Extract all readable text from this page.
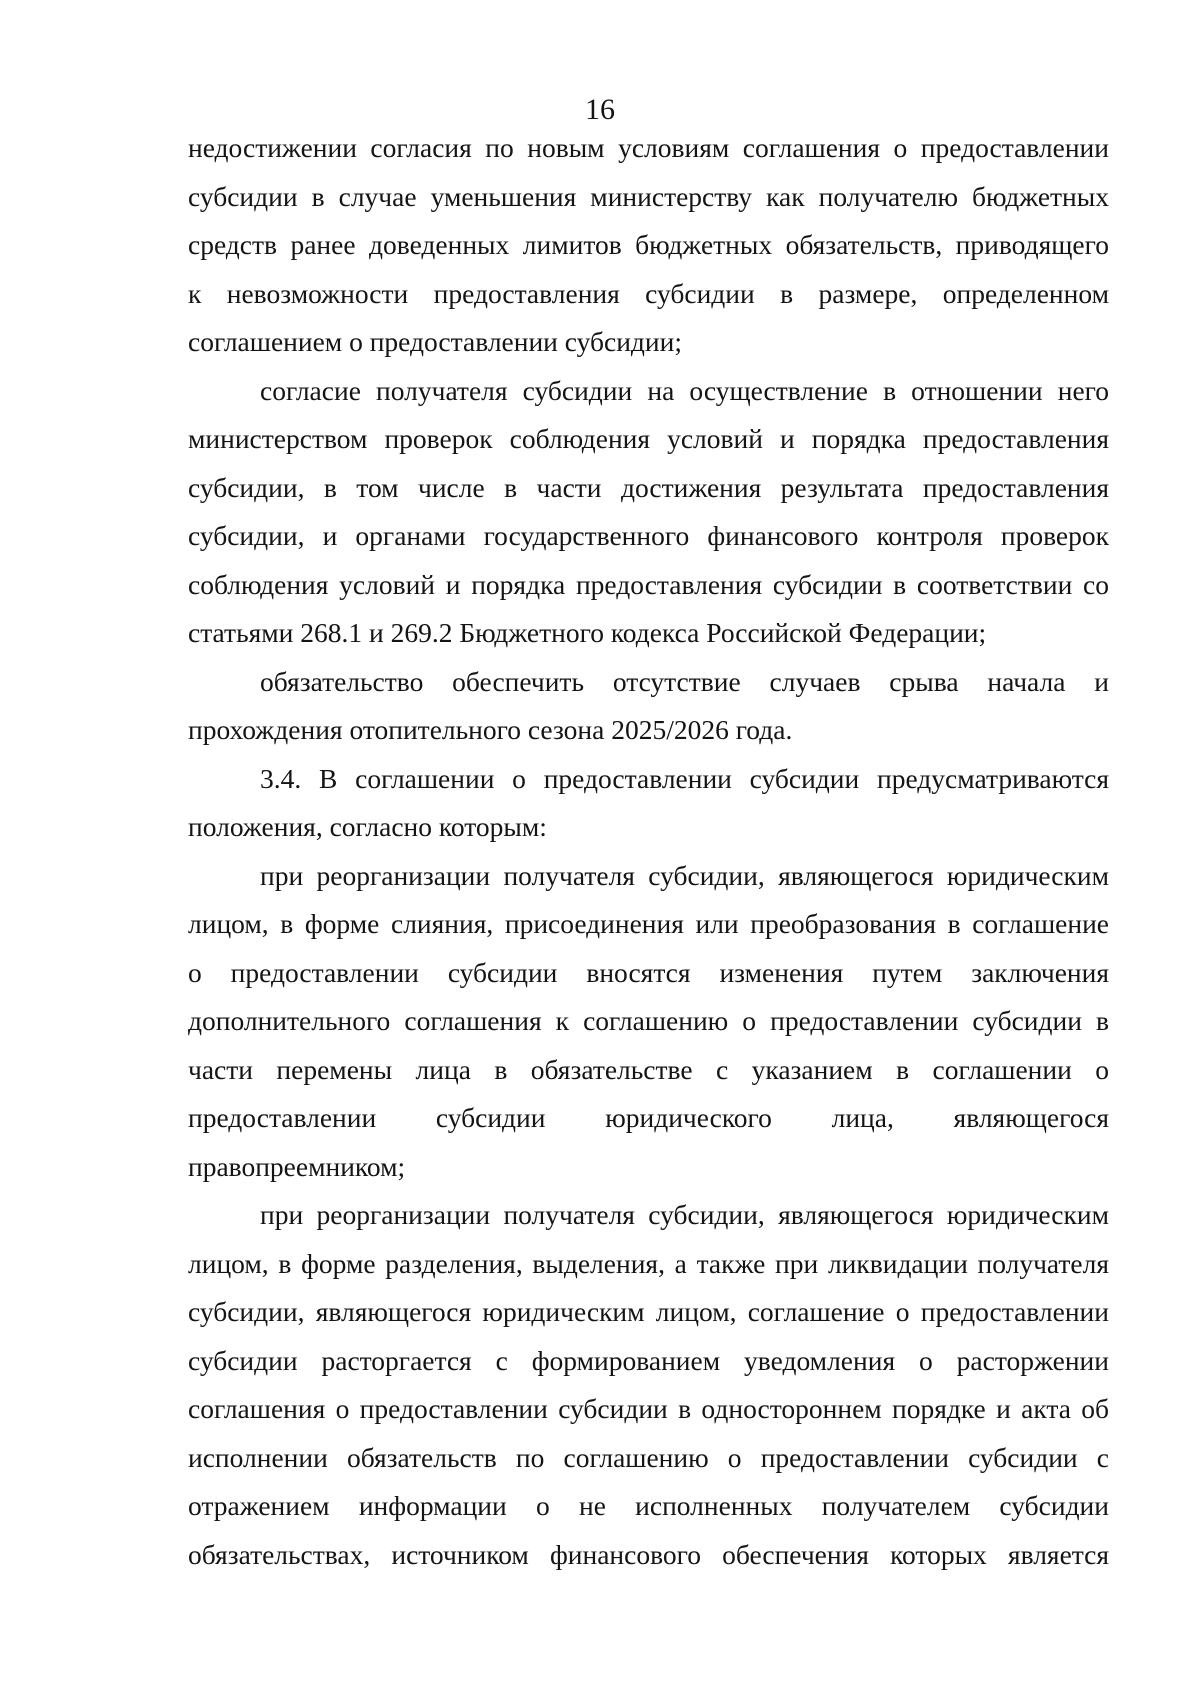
16
недостижении согласия по новым условиям соглашения о предоставлении
субсидии в случае уменьшения министерству как получателю бюджетных
средств ранее доведенных лимитов бюджетных обязательств, приводящего
к невозможности предоставления субсидии в размере, определенном
соглашением о предоставлении субсидии;
согласие получателя субсидии на осуществление в отношении него
министерством проверок соблюдения условий и порядка предоставления
субсидии, в том числе в части достижения результата предоставления
субсидии, и органами государственного финансового контроля проверок
соблюдения условий и порядка предоставления субсидии в соответствии со
статьями 268.1 и 269.2 Бюджетного кодекса Российской Федерации;
обязательство обеспечить отсутствие случаев срыва начала и
прохождения отопительного сезона 2025/2026 года.
3.4. В соглашении о предоставлении субсидии предусматриваются
положения, согласно которым:
при реорганизации получателя субсидии, являющегося юридическим
лицом, в форме слияния, присоединения или преобразования в соглашение
о предоставлении субсидии вносятся изменения путем заключения
дополнительного соглашения к соглашению о предоставлении субсидии в
части перемены лица в обязательстве с указанием в соглашении о
предоставлении субсидии юридического лица, являющегося
правопреемником;
при реорганизации получателя субсидии, являющегося юридическим
лицом, в форме разделения, выделения, а также при ликвидации получателя
субсидии, являющегося юридическим лицом, соглашение о предоставлении
субсидии расторгается с формированием уведомления о расторжении
соглашения о предоставлении субсидии в одностороннем порядке и акта об
исполнении обязательств по соглашению о предоставлении субсидии с
отражением информации о не исполненных получателем субсидии
обязательствах, источником финансового обеспечения которых является
